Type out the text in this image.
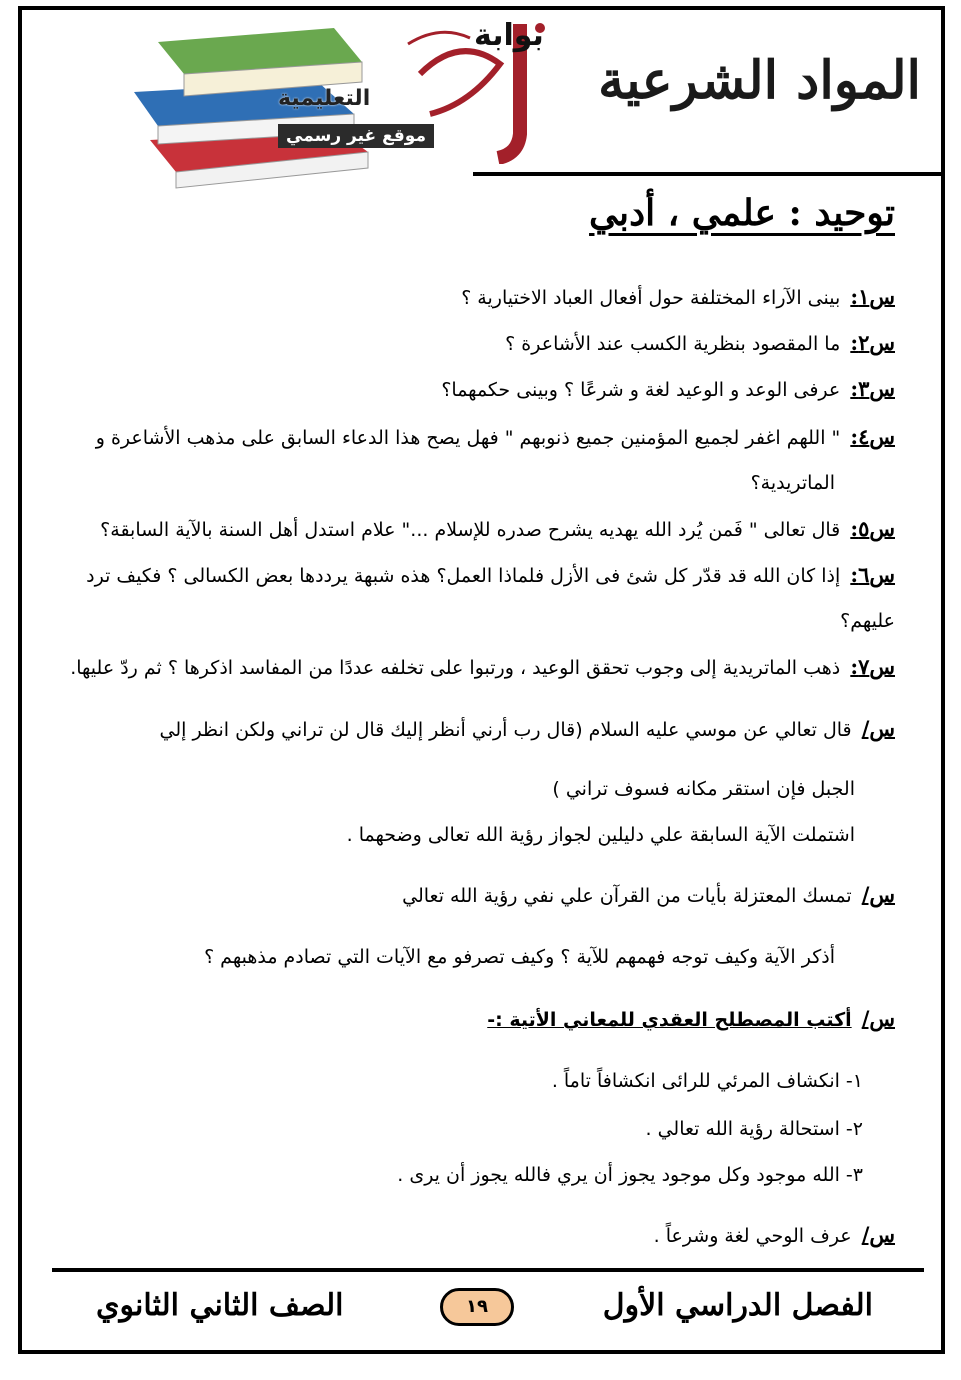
بوابة
التعليمية
موقع غير رسمي
المواد الشرعية
توحيد : علمي ، أدبي
س١: بينى الآراء المختلفة حول أفعال العباد الاختيارية ؟
س٢: ما المقصود بنظرية الكسب عند الأشاعرة ؟
س٣: عرفى الوعد و الوعيد لغة و شرعًا ؟ وبينى حكمهما؟
س٤: " اللهم اغفر لجميع المؤمنين جميع ذنوبهم " فهل يصح هذا الدعاء السابق على مذهب الأشاعرة و
الماتريدية؟
س٥: قال تعالى " فَمن يُرد الله يهديه يشرح صدره للإسلام ..." علام استدل أهل السنة بالآية السابقة؟
س٦: إذا كان الله قد قدّر كل شئ فى الأزل فلماذا العمل؟ هذه شبهة يرددها بعض الكسالى ؟ فكيف ترد
عليهم؟
س٧: ذهب الماتريدية إلى وجوب تحقق الوعيد ، ورتبوا على تخلفه عددًا من المفاسد اذكرها ؟ ثم ردّ عليها.
س/ قال تعالي عن موسي عليه السلام (قال رب أرني أنظر إليك قال لن تراني ولكن انظر إلي
الجبل فإن استقر مكانه فسوف تراني )
اشتملت الآية السابقة علي دليلين لجواز رؤية الله تعالى وضحهما .
س/ تمسك المعتزلة بأيات من القرآن علي نفي رؤية الله تعالي
أذكر الآية وكيف توجه فهمهم للآية ؟ وكيف تصرفو مع الآيات التي تصادم مذهبهم ؟
س/ أكتب المصطلح العقدي للمعاني الأتية :-
١- انكشاف المرئي للرائى انكشافاً تاماً .
٢- استحالة رؤية الله تعالي .
٣- الله موجود وكل موجود يجوز أن يري فالله يجوز أن يرى .
س/ عرف الوحي لغة وشرعاً .
الصف الثاني الثانوي	١٩	الفصل الدراسي الأول
